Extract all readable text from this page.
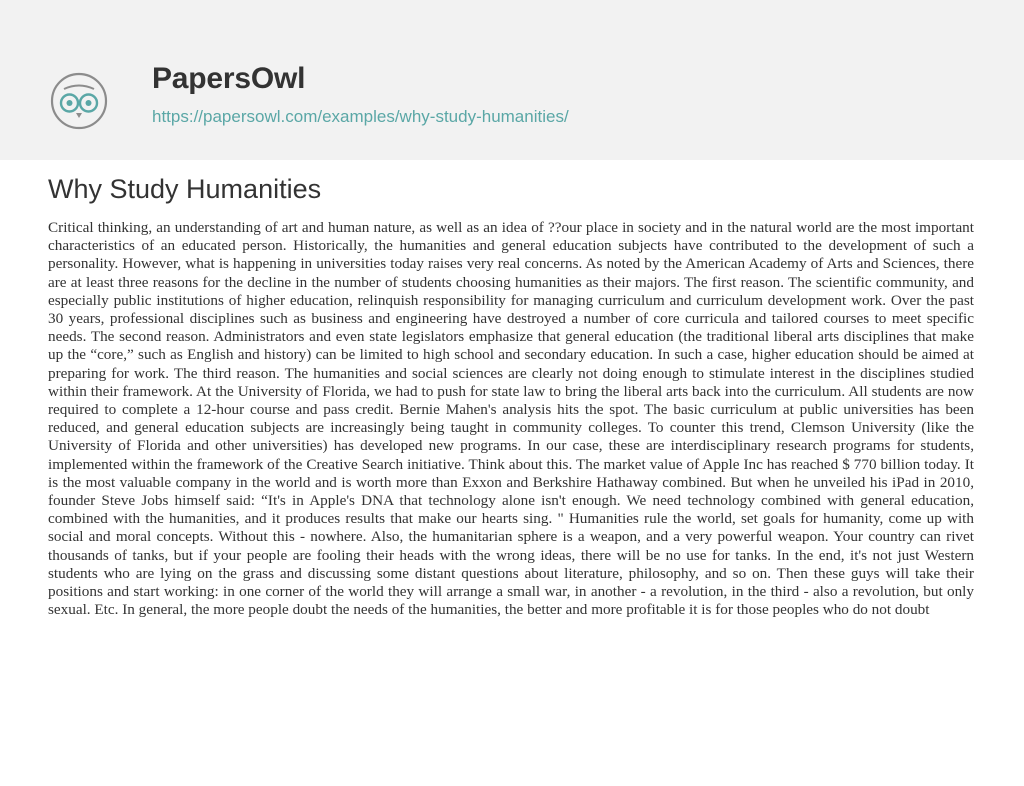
PapersOwl
https://papersowl.com/examples/why-study-humanities/
Why Study Humanities

Critical thinking, an understanding of art and human nature, as well as an idea of ??our place in society and in the natural world are the most important characteristics of an educated person. Historically, the humanities and general education subjects have contributed to the development of such a personality. However, what is happening in universities today raises very real concerns. As noted by the American Academy of Arts and Sciences, there are at least three reasons for the decline in the number of students choosing humanities as their majors. The first reason. The scientific community, and especially public institutions of higher education, relinquish responsibility for managing curriculum and curriculum development work. Over the past 30 years, professional disciplines such as business and engineering have destroyed a number of core curricula and tailored courses to meet specific needs. The second reason. Administrators and even state legislators emphasize that general education (the traditional liberal arts disciplines that make up the “core,” such as English and history) can be limited to high school and secondary education. In such a case, higher education should be aimed at preparing for work. The third reason. The humanities and social sciences are clearly not doing enough to stimulate interest in the disciplines studied within their framework. At the University of Florida, we had to push for state law to bring the liberal arts back into the curriculum. All students are now required to complete a 12-hour course and pass credit. Bernie Mahen's analysis hits the spot. The basic curriculum at public universities has been reduced, and general education subjects are increasingly being taught in community colleges. To counter this trend, Clemson University (like the University of Florida and other universities) has developed new programs. In our case, these are interdisciplinary research programs for students, implemented within the framework of the Creative Search initiative. Think about this. The market value of Apple Inc has reached $ 770 billion today. It is the most valuable company in the world and is worth more than Exxon and Berkshire Hathaway combined. But when he unveiled his iPad in 2010, founder Steve Jobs himself said: “It's in Apple's DNA that technology alone isn't enough. We need technology combined with general education, combined with the humanities, and it produces results that make our hearts sing. " Humanities rule the world, set goals for humanity, come up with social and moral concepts. Without this - nowhere. Also, the humanitarian sphere is a weapon, and a very powerful weapon. Your country can rivet thousands of tanks, but if your people are fooling their heads with the wrong ideas, there will be no use for tanks. In the end, it's not just Western students who are lying on the grass and discussing some distant questions about literature, philosophy, and so on. Then these guys will take their positions and start working: in one corner of the world they will arrange a small war, in another - a revolution, in the third - also a revolution, but only sexual. Etc. In general, the more people doubt the needs of the humanities, the better and more profitable it is for those peoples who do not doubt
